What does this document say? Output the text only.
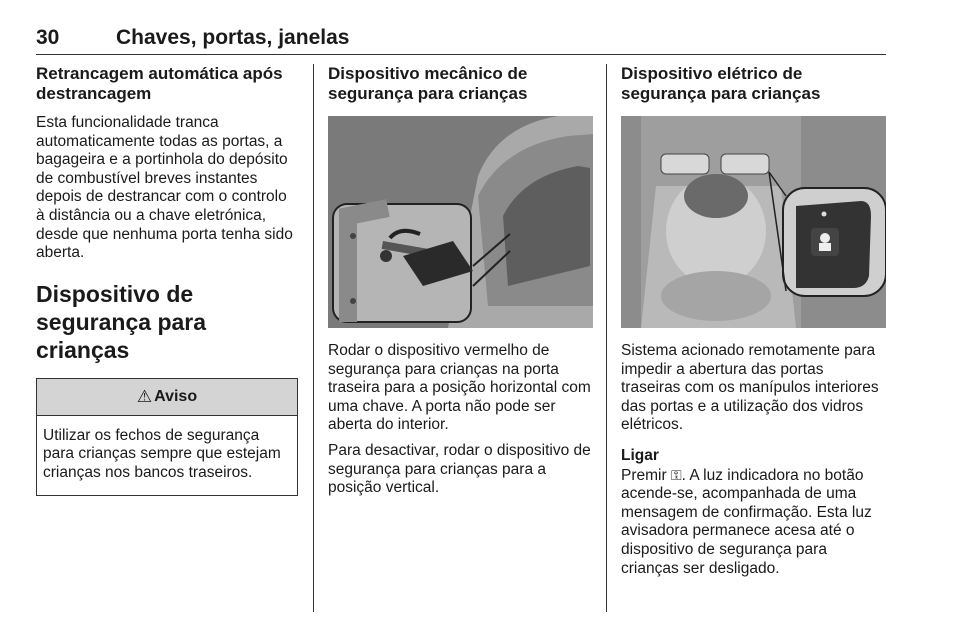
30	Chaves, portas, janelas
Retrancagem automática após destrancagem

Esta funcionalidade tranca automaticamente todas as portas, a bagageira e a portinhola do depósito de combustível breves instantes depois de destrancar com o controlo à distância ou a chave eletrónica, desde que nenhuma porta tenha sido aberta.

Dispositivo de segurança para crianças
⚠ Aviso

Utilizar os fechos de segurança para crianças sempre que estejam crianças nos bancos traseiros.

Dispositivo mecânico de segurança para crianças

Rodar o dispositivo vermelho de segurança para crianças na porta traseira para a posição horizontal com uma chave. A porta não pode ser aberta do interior.

Para desactivar, rodar o dispositivo de segurança para crianças para a posição vertical.

Dispositivo elétrico de segurança para crianças

Sistema acionado remotamente para impedir a abertura das portas traseiras com os manípulos interiores das portas e a utilização dos vidros elétricos.

Ligar

Premir ⚿. A luz indicadora no botão acende-se, acompanhada de uma mensagem de confirmação. Esta luz avisadora permanece acesa até o dispositivo de segurança para crianças ser desligado.
